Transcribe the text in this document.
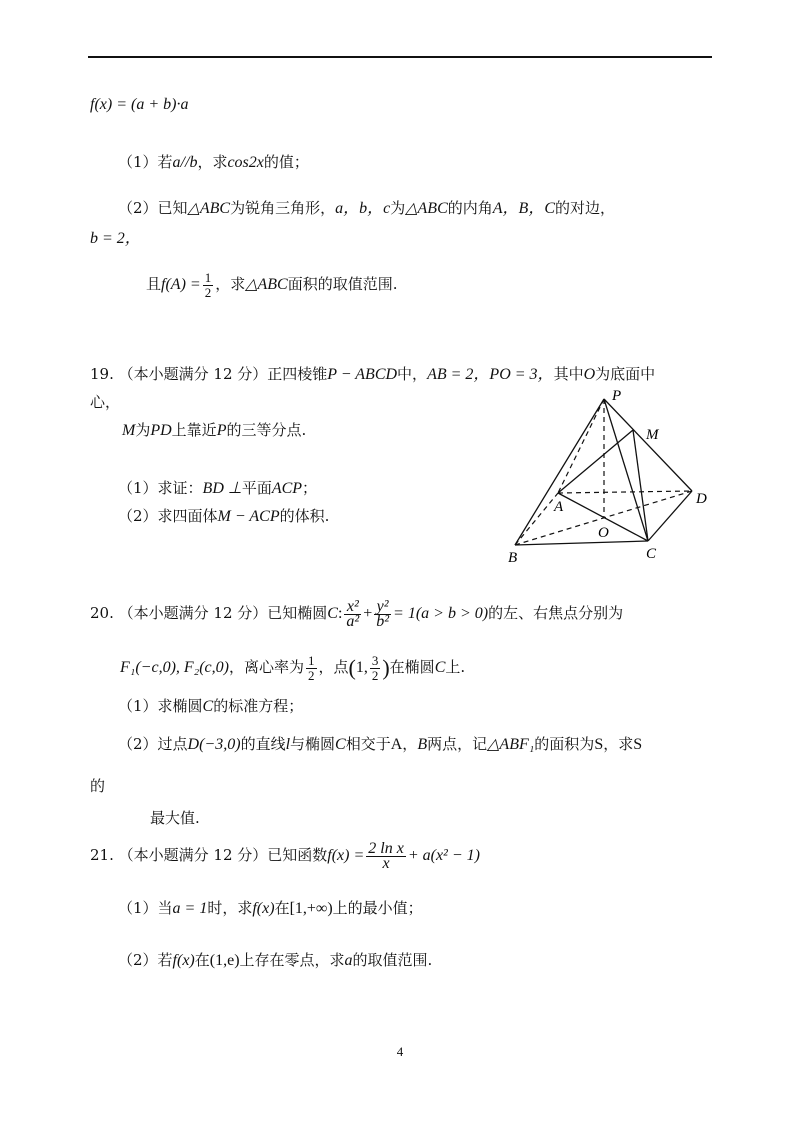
f(x) = (a + b)·a
（1）若a//b，求cos2x的值；
（2）已知△ABC为锐角三角形，a，b，c为△ABC的内角A，B，C的对边，
b = 2，
且$f(A) = \frac{1}{2}$ ，求△ABC面积的取值范围.
19. （本小题满分 12 分）正四棱锥P − ABCD中，AB = 2，PO = 3，其中O为底面中
心，
M为PD上靠近P的三等分点.
（1）求证：BD ⊥平面ACP；
（2）求四面体M − ACP的体积.
P
M
A
O
D
B	C
20. （本小题满分 12 分）已知椭圆C: $\frac{\text{x²}}{\text{a²}} + \frac{\text{y²}}{\text{b²}} = 1(a > b > 0)$的左、右焦点分别为
F₁(−c,0), F₂(c,0)，离心率为 $\frac{1}{2}$ ，点(1, $\frac{3}{2}$ )在椭圆C上.
（1）求椭圆C的标准方程；
（2）过点D(−3,0)的直线l与椭圆C相交于A，B两点，记△ABF₁的面积为S，求S
的
最大值.
21. （本小题满分 12 分）已知函数$f(x) = \frac{\text{2 ln x}}{x} + a(x^2 - 1)$
（1）当a = 1时，求f(x)在[1,+∞)上的最小值；
（2）若f(x)在(1,e)上存在零点，求a的取值范围.
4
